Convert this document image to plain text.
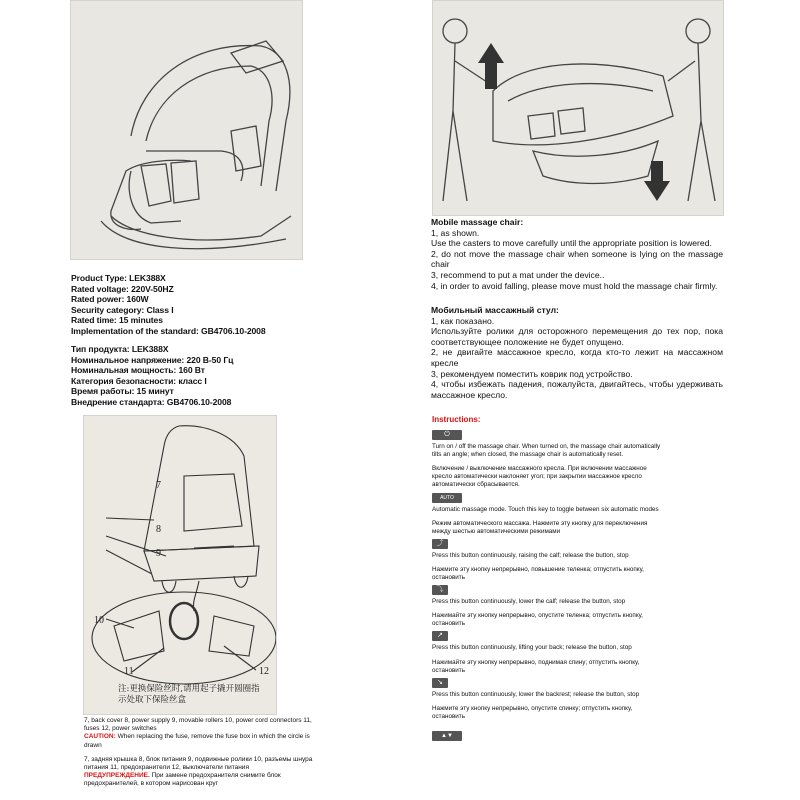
Product Type: LEK388X
Rated voltage: 220V-50HZ
Rated power: 160W
Security category: Class I
Rated time: 15 minutes
Implementation of the standard: GB4706.10-2008
Тип продукта: LEK388X
Номинальное напряжение: 220 В-50 Гц
Номинальная мощность: 160 Вт
Категория безопасности: класс I
Время работы: 15 минут
Внедрение стандарта: GB4706.10-2008
7
8
9
10
11	12
注:更换保险丝时,请用起子撬开圆圈指示处取下保险丝盒
7, back cover 8, power supply 9, movable rollers 10, power cord connectors 11, fuses 12, power switches
CAUTION: When replacing the fuse, remove the fuse box in which the circle is drawn
7, задняя крышка 8, блок питания 9, подвижные ролики 10, разъемы шнура питания 11, предохранители 12, выключатели питания
ПРЕДУПРЕЖДЕНИЕ. При замене предохранителя снимите блок предохранителей, в котором нарисован круг
Mobile massage chair:
1, as shown.
Use the casters to move carefully until the appropriate position is lowered.
2, do not move the massage chair when someone is lying on the massage chair
3, recommend to put a mat under the device..
4, in order to avoid falling, please move must hold the massage chair firmly.
Мобильный массажный стул:
1, как показано.
Используйте ролики для осторожного перемещения до тех пор, пока соответствующее положение не будет опущено.
2, не двигайте массажное кресло, когда кто-то лежит на массажном кресле
3, рекомендуем поместить коврик под устройство.
4, чтобы избежать падения, пожалуйста, двигайтесь, чтобы удерживать массажное кресло.
Instructions:
⏻
Turn on / off the massage chair. When turned on, the massage chair automatically tilts an angle; when closed, the massage chair is automatically reset.
Включение / выключение массажного кресла. При включении массажное кресло автоматически наклоняет угол; при закрытии массажное кресло автоматически сбрасывается.
AUTO
Automatic massage mode. Touch this key to toggle between six automatic modes
Режим автоматического массажа. Нажмите эту кнопку для переключения между шестью автоматическими режимами
⤴
Press this button continuously, raising the calf; release the button, stop
Нажмите эту кнопку непрерывно, повышение теленка; отпустить кнопку, остановить
⤵
Press this button continuously, lower the calf; release the button, stop
Нажимайте эту кнопку непрерывно, опустите теленка; отпустить кнопку, остановить
↗
Press this button continuously, lifting your back; release the button, stop
Нажимайте эту кнопку непрерывно, поднимая спину; отпустить кнопку, остановить
↘
Press this button continuously, lower the backrest; release the button, stop
Нажмите эту кнопку непрерывно, опустите спинку; отпустить кнопку, остановить
▲▼
